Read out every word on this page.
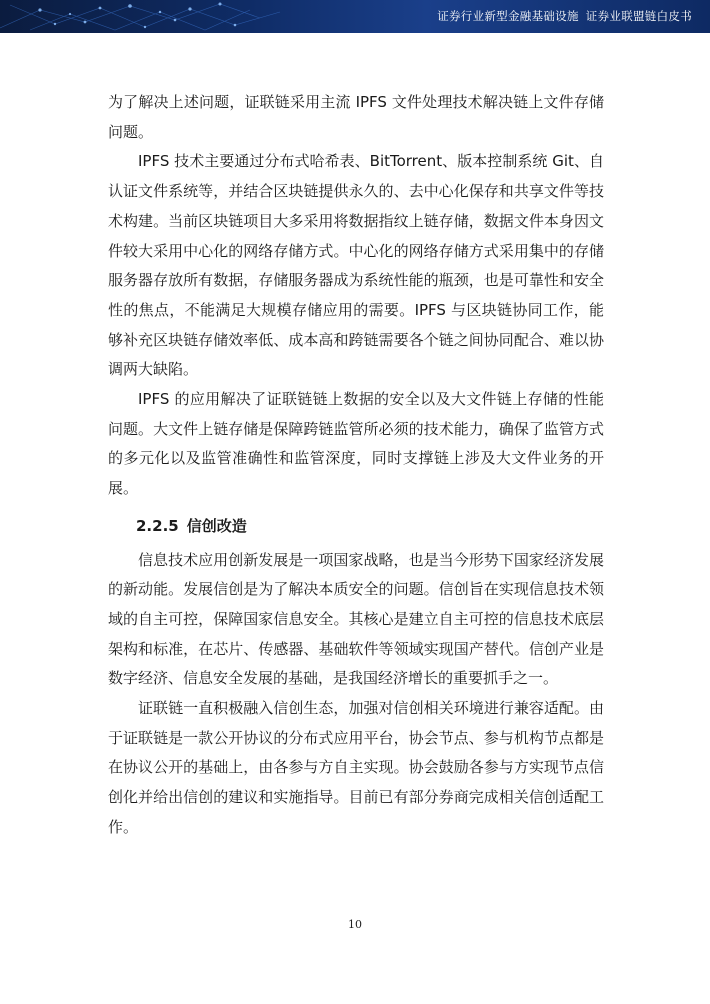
证券行业新型金融基础设施 证券业联盟链白皮书

为了解决上述问题，证联链采用主流 IPFS 文件处理技术解决链上文件存储问题。

IPFS 技术主要通过分布式哈希表、BitTorrent、版本控制系统 Git、自认证文件系统等，并结合区块链提供永久的、去中心化保存和共享文件等技术构建。当前区块链项目大多采用将数据指纹上链存储，数据文件本身因文件较大采用中心化的网络存储方式。中心化的网络存储方式采用集中的存储服务器存放所有数据，存储服务器成为系统性能的瓶颈，也是可靠性和安全性的焦点，不能满足大规模存储应用的需要。IPFS 与区块链协同工作，能够补充区块链存储效率低、成本高和跨链需要各个链之间协同配合、难以协调两大缺陷。

IPFS 的应用解决了证联链链上数据的安全以及大文件链上存储的性能问题。大文件上链存储是保障跨链监管所必须的技术能力，确保了监管方式的多元化以及监管准确性和监管深度，同时支撑链上涉及大文件业务的开展。

2.2.5 信创改造

信息技术应用创新发展是一项国家战略，也是当今形势下国家经济发展的新动能。发展信创是为了解决本质安全的问题。信创旨在实现信息技术领域的自主可控，保障国家信息安全。其核心是建立自主可控的信息技术底层架构和标准，在芯片、传感器、基础软件等领域实现国产替代。信创产业是数字经济、信息安全发展的基础，是我国经济增长的重要抓手之一。

证联链一直积极融入信创生态，加强对信创相关环境进行兼容适配。由于证联链是一款公开协议的分布式应用平台，协会节点、参与机构节点都是在协议公开的基础上，由各参与方自主实现。协会鼓励各参与方实现节点信创化并给出信创的建议和实施指导。目前已有部分券商完成相关信创适配工作。

10
